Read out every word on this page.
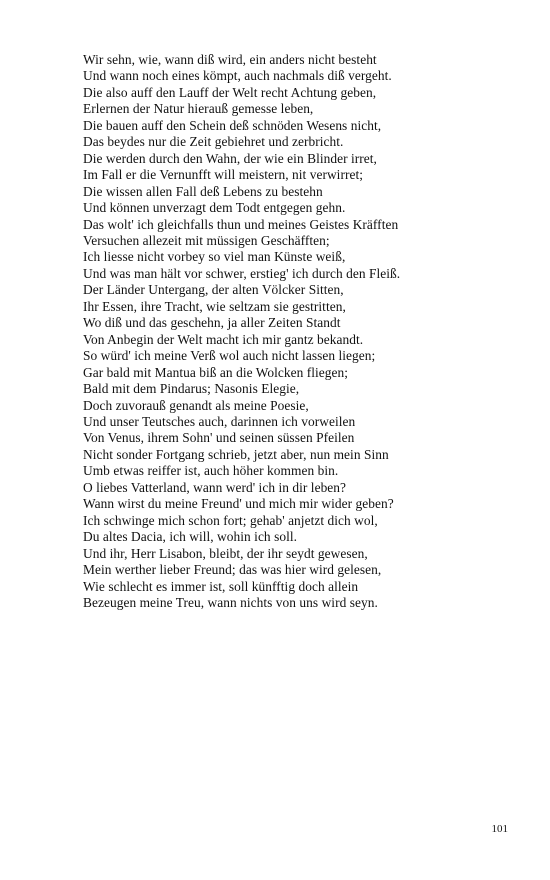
Wir sehn, wie, wann diß wird, ein anders nicht besteht
Und wann noch eines kömpt, auch nachmals diß vergeht.
Die also auff den Lauff der Welt recht Achtung geben,
Erlernen der Natur hierauß gemesse leben,
Die bauen auff den Schein deß schnöden Wesens nicht,
Das beydes nur die Zeit gebiehret und zerbricht.
Die werden durch den Wahn, der wie ein Blinder irret,
Im Fall er die Vernunfft will meistern, nit verwirret;
Die wissen allen Fall deß Lebens zu bestehn
Und können unverzagt dem Todt entgegen gehn.
Das wolt' ich gleichfalls thun und meines Geistes Kräfften
Versuchen allezeit mit müssigen Geschäfften;
Ich liesse nicht vorbey so viel man Künste weiß,
Und was man hält vor schwer, erstieg' ich durch den Fleiß.
Der Länder Untergang, der alten Völcker Sitten,
Ihr Essen, ihre Tracht, wie seltzam sie gestritten,
Wo diß und das geschehn, ja aller Zeiten Standt
Von Anbegin der Welt macht ich mir gantz bekandt.
So würd' ich meine Verß wol auch nicht lassen liegen;
Gar bald mit Mantua biß an die Wolcken fliegen;
Bald mit dem Pindarus; Nasonis Elegie,
Doch zuvorauß genandt als meine Poesie,
Und unser Teutsches auch, darinnen ich vorweilen
Von Venus, ihrem Sohn' und seinen süssen Pfeilen
Nicht sonder Fortgang schrieb, jetzt aber, nun mein Sinn
Umb etwas reiffer ist, auch höher kommen bin.
O liebes Vatterland, wann werd' ich in dir leben?
Wann wirst du meine Freund' und mich mir wider geben?
Ich schwinge mich schon fort; gehab' anjetzt dich wol,
Du altes Dacia, ich will, wohin ich soll.
Und ihr, Herr Lisabon, bleibt, der ihr seydt gewesen,
Mein werther lieber Freund; das was hier wird gelesen,
Wie schlecht es immer ist, soll künfftig doch allein
Bezeugen meine Treu, wann nichts von uns wird seyn.
101
